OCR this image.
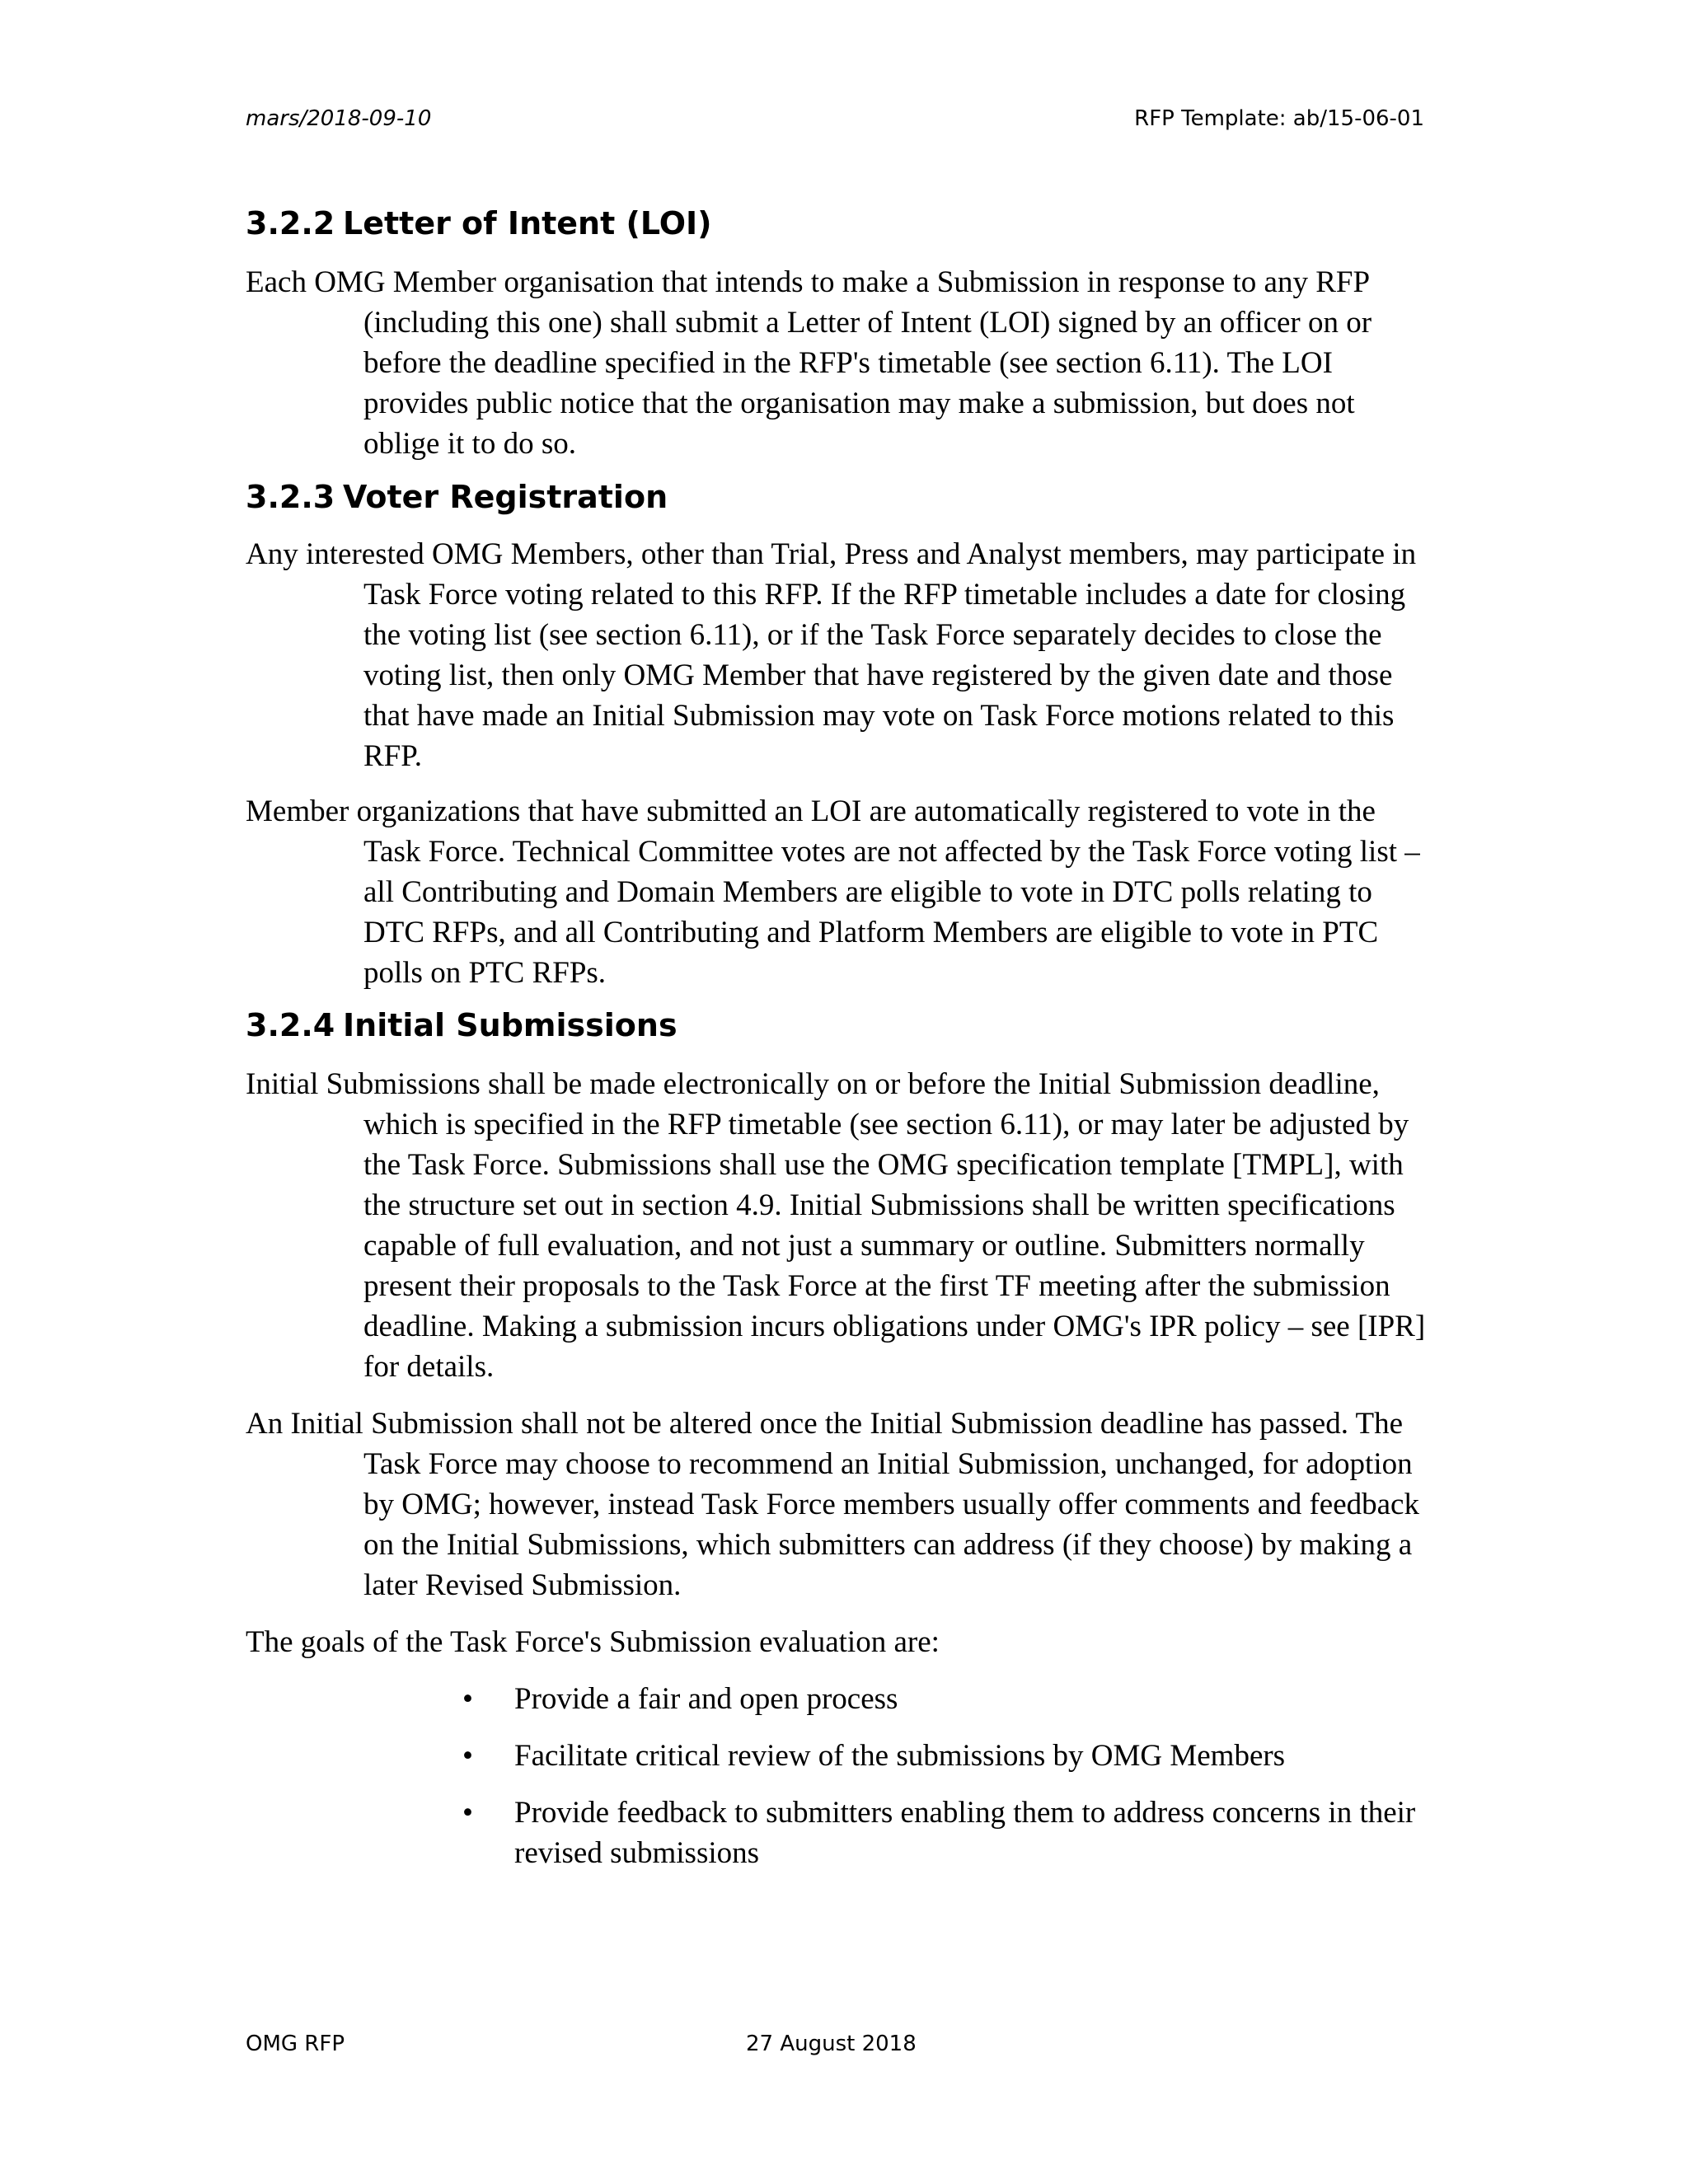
mars/2018-09-10	RFP Template: ab/15-06-01
3.2.2 Letter of Intent (LOI)

Each OMG Member organisation that intends to make a Submission in response to any RFP (including this one) shall submit a Letter of Intent (LOI) signed by an officer on or before the deadline specified in the RFP's timetable (see section 6.11). The LOI provides public notice that the organisation may make a submission, but does not oblige it to do so.

3.2.3 Voter Registration

Any interested OMG Members, other than Trial, Press and Analyst members, may participate in Task Force voting related to this RFP. If the RFP timetable includes a date for closing the voting list (see section 6.11), or if the Task Force separately decides to close the voting list, then only OMG Member that have registered by the given date and those that have made an Initial Submission may vote on Task Force motions related to this RFP.

Member organizations that have submitted an LOI are automatically registered to vote in the Task Force. Technical Committee votes are not affected by the Task Force voting list – all Contributing and Domain Members are eligible to vote in DTC polls relating to DTC RFPs, and all Contributing and Platform Members are eligible to vote in PTC polls on PTC RFPs.

3.2.4 Initial Submissions

Initial Submissions shall be made electronically on or before the Initial Submission deadline, which is specified in the RFP timetable (see section 6.11), or may later be adjusted by the Task Force. Submissions shall use the OMG specification template [TMPL], with the structure set out in section 4.9. Initial Submissions shall be written specifications capable of full evaluation, and not just a summary or outline. Submitters normally present their proposals to the Task Force at the first TF meeting after the submission deadline. Making a submission incurs obligations under OMG's IPR policy – see [IPR] for details.

An Initial Submission shall not be altered once the Initial Submission deadline has passed. The Task Force may choose to recommend an Initial Submission, unchanged, for adoption by OMG; however, instead Task Force members usually offer comments and feedback on the Initial Submissions, which submitters can address (if they choose) by making a later Revised Submission.

The goals of the Task Force's Submission evaluation are:

• Provide a fair and open process
• Facilitate critical review of the submissions by OMG Members
• Provide feedback to submitters enabling them to address concerns in their revised submissions
OMG RFP	27 August 2018
